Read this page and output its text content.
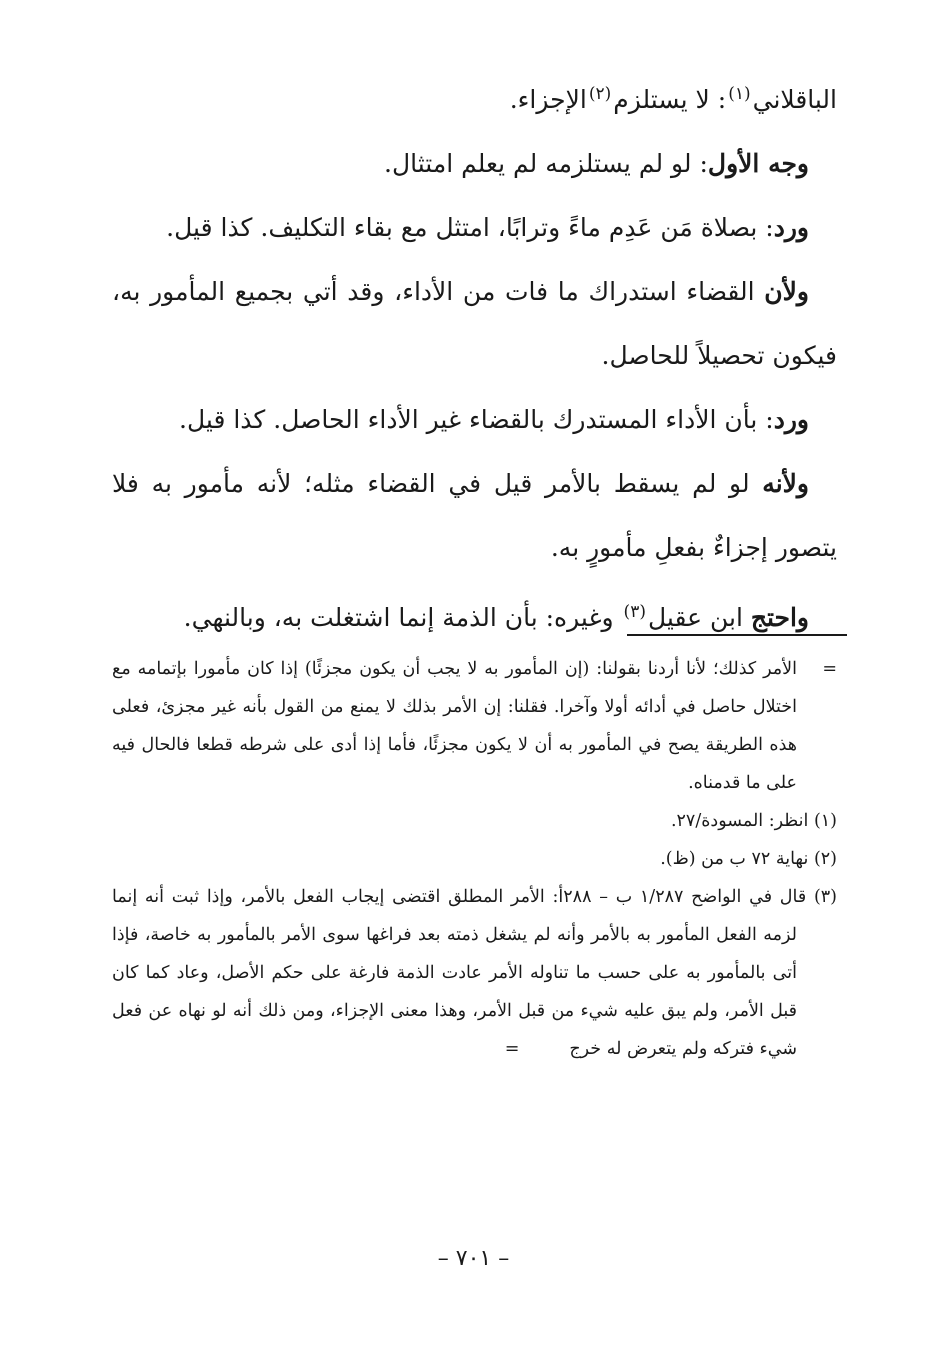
الباقلاني$^{(١)}$: لا يستلزم$^{(٢)}$الإجزاء.

وجه الأول: لو لم يستلزمه لم يعلم امتثال.

ورد: بصلاة مَن عَدِم ماءً وترابًا، امتثل مع بقاء التكليف. كذا قيل.

ولأن القضاء استدراك ما فات من الأداء، وقد أتي بجميع المأمور به، فيكون تحصيلاً للحاصل.

ورد: بأن الأداء المستدرك بالقضاء غير الأداء الحاصل. كذا قيل.

ولأنه لو لم يسقط بالأمر قيل في القضاء مثله؛ لأنه مأمور به فلا يتصور إجزاءٌ بفعلِ مأمورٍ به.

واحتج ابن عقيل$^{(٣)}$ وغيره: بأن الذمة إنما اشتغلت به، وبالنهي.

=
الأمر كذلك؛ لأنا أردنا بقولنا: (إن المأمور به لا يجب أن يكون مجزئًا) إذا كان مأمورا بإتمامه مع اختلال حاصل في أدائه أولا وآخرا. فقلنا: إن الأمر بذلك لا يمنع من القول بأنه غير مجزئ، فعلى هذه الطريقة يصح في المأمور به أن لا يكون مجزئًا، فأما إذا أدى على شرطه قطعا فالحال فيه على ما قدمناه.

(١) انظر: المسودة/٢٧.

(٢) نهاية ٧٢ ب من (ظ).

(٣) قال في الواضح ١/٢٨٧ ب – ٢٨٨أ: الأمر المطلق اقتضى إيجاب الفعل بالأمر، وإذا ثبت أنه إنما لزمه الفعل المأمور به بالأمر وأنه لم يشغل ذمته بعد فراغها سوى الأمر بالمأمور به خاصة، فإذا أتى بالمأمور به على حسب ما تناوله الأمر عادت الذمة فارغة على حكم الأصل، وعاد كما كان قبل الأمر، ولم يبق عليه شيء من قبل الأمر، وهذا معنى الإجزاء، ومن ذلك أنه لو نهاه عن فعل شيء فتركه ولم يتعرض له خرج=

– ٧٠١ –
